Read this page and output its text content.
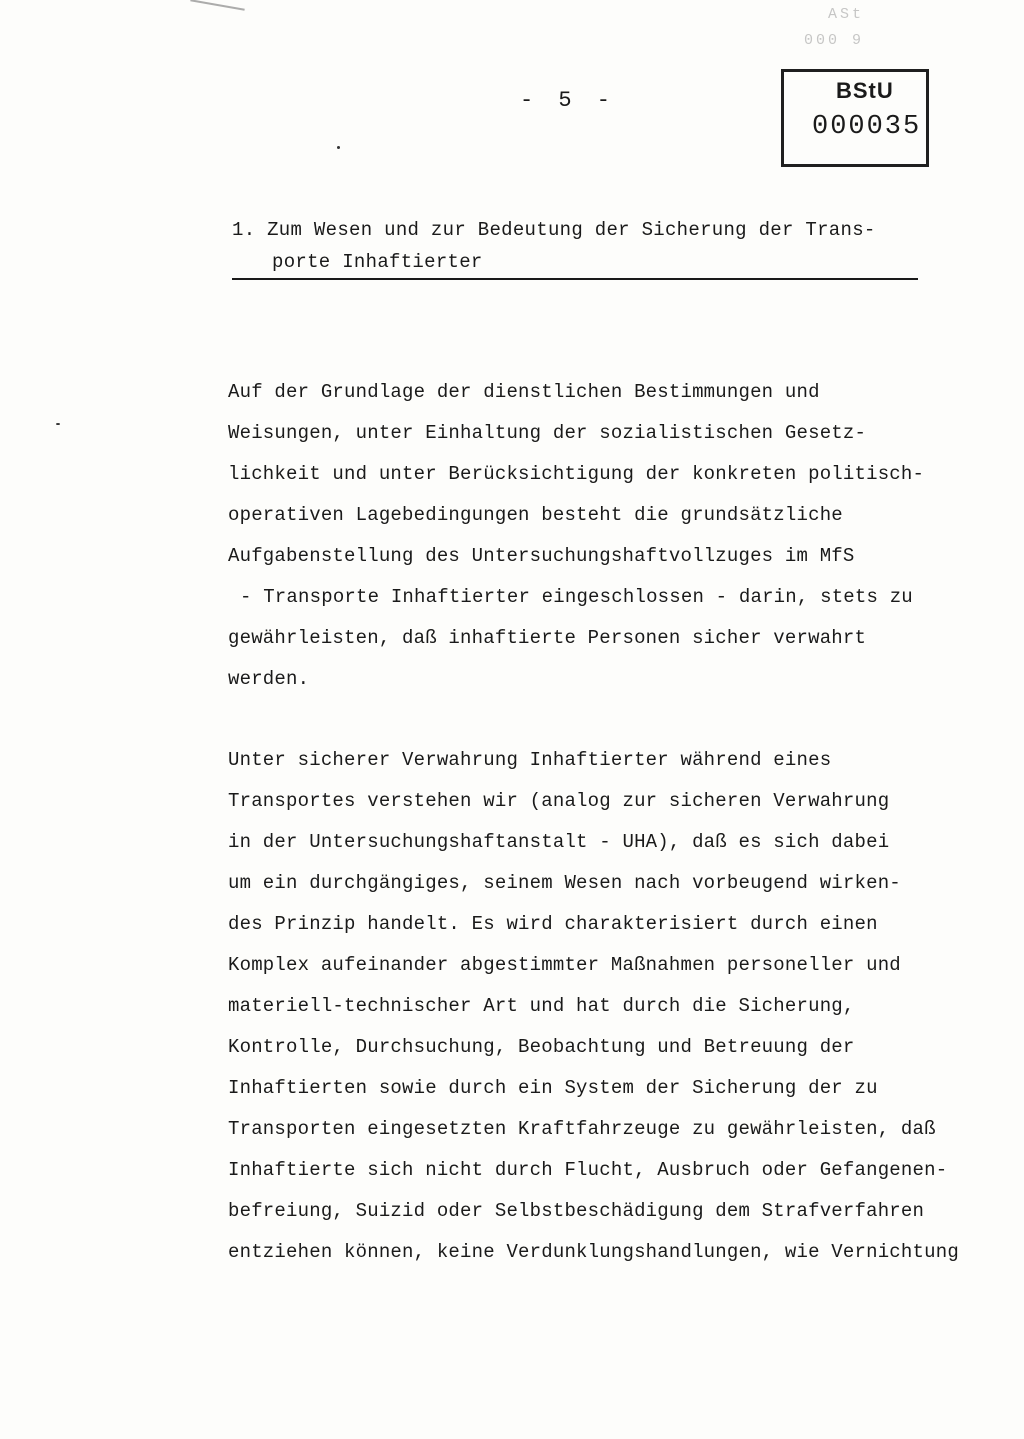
ASt
000 9
BStU
000035
- 5 -
1. Zum Wesen und zur Bedeutung der Sicherung der Trans-
porte Inhaftierter
Auf der Grundlage der dienstlichen Bestimmungen und
Weisungen, unter Einhaltung der sozialistischen Gesetz-
lichkeit und unter Berücksichtigung der konkreten politisch-
operativen Lagebedingungen besteht die grundsätzliche
Aufgabenstellung des Untersuchungshaftvollzuges im MfS
- Transporte Inhaftierter eingeschlossen - darin, stets zu
gewährleisten, daß inhaftierte Personen sicher verwahrt
werden.
Unter sicherer Verwahrung Inhaftierter während eines
Transportes verstehen wir (analog zur sicheren Verwahrung
in der Untersuchungshaftanstalt - UHA), daß es sich dabei
um ein durchgängiges, seinem Wesen nach vorbeugend wirken-
des Prinzip handelt. Es wird charakterisiert durch einen
Komplex aufeinander abgestimmter Maßnahmen personeller und
materiell-technischer Art und hat durch die Sicherung,
Kontrolle, Durchsuchung, Beobachtung und Betreuung der
Inhaftierten sowie durch ein System der Sicherung der zu
Transporten eingesetzten Kraftfahrzeuge zu gewährleisten, daß
Inhaftierte sich nicht durch Flucht, Ausbruch oder Gefangenen-
befreiung, Suizid oder Selbstbeschädigung dem Strafverfahren
entziehen können, keine Verdunklungshandlungen, wie Vernichtung
